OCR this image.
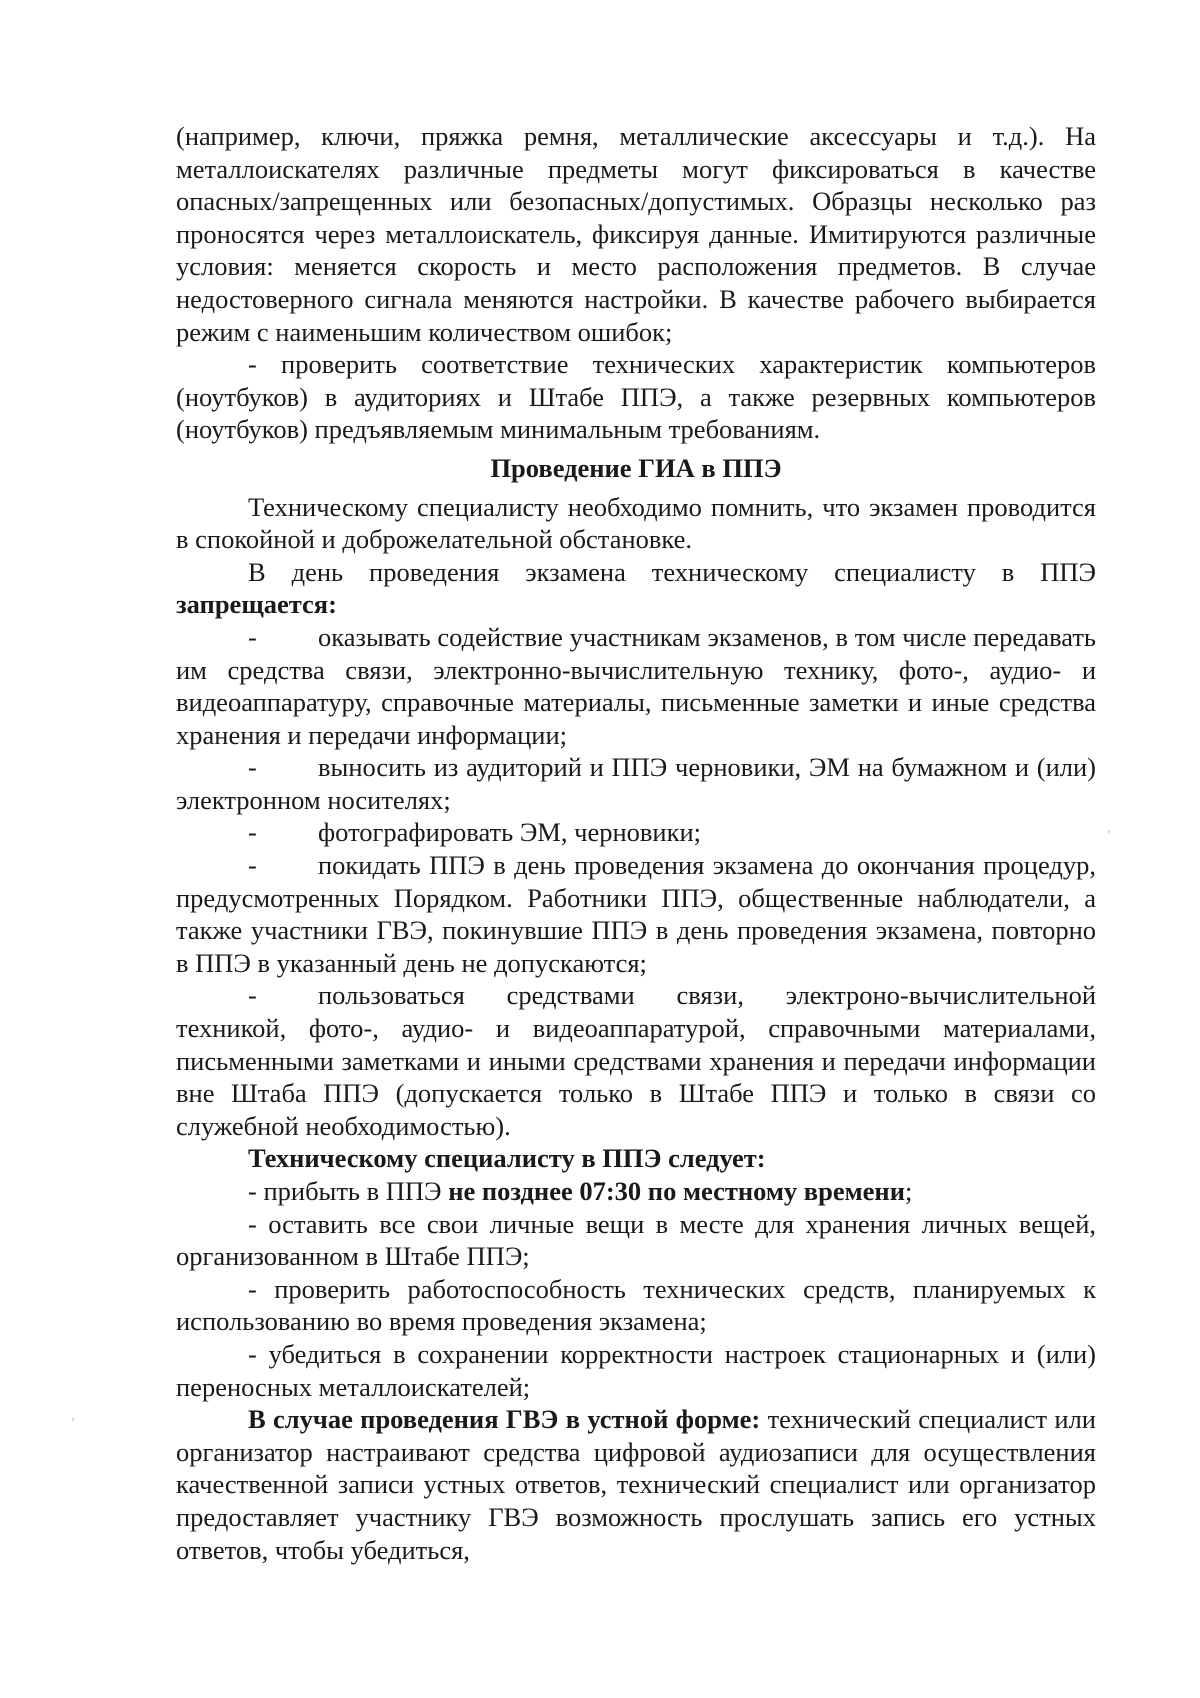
(например, ключи, пряжка ремня, металлические аксессуары и т.д.). На металлоискателях различные предметы могут фиксироваться в качестве опасных/запрещенных или безопасных/допустимых. Образцы несколько раз проносятся через металлоискатель, фиксируя данные. Имитируются различные условия: меняется скорость и место расположения предметов. В случае недостоверного сигнала меняются настройки. В качестве рабочего выбирается режим с наименьшим количеством ошибок;

- проверить соответствие технических характеристик компьютеров (ноутбуков) в аудиториях и Штабе ППЭ, а также резервных компьютеров (ноутбуков) предъявляемым минимальным требованиям.

Проведение ГИА в ППЭ

Техническому специалисту необходимо помнить, что экзамен проводится в спокойной и доброжелательной обстановке.

В день проведения экзамена техническому специалисту в ППЭ запрещается:

- оказывать содействие участникам экзаменов, в том числе передавать им средства связи, электронно-вычислительную технику, фото-, аудио- и видеоаппаратуру, справочные материалы, письменные заметки и иные средства хранения и передачи информации;

- выносить из аудиторий и ППЭ черновики, ЭМ на бумажном и (или) электронном носителях;

- фотографировать ЭМ, черновики;

- покидать ППЭ в день проведения экзамена до окончания процедур, предусмотренных Порядком. Работники ППЭ, общественные наблюдатели, а также участники ГВЭ, покинувшие ППЭ в день проведения экзамена, повторно в ППЭ в указанный день не допускаются;

- пользоваться средствами связи, электроно-вычислительной техникой, фото-, аудио- и видеоаппаратурой, справочными материалами, письменными заметками и иными средствами хранения и передачи информации вне Штаба ППЭ (допускается только в Штабе ППЭ и только в связи со служебной необходимостью).

Техническому специалисту в ППЭ следует:

- прибыть в ППЭ не позднее 07:30 по местному времени;

- оставить все свои личные вещи в месте для хранения личных вещей, организованном в Штабе ППЭ;

- проверить работоспособность технических средств, планируемых к использованию во время проведения экзамена;

- убедиться в сохранении корректности настроек стационарных и (или) переносных металлоискателей;

В случае проведения ГВЭ в устной форме: технический специалист или организатор настраивают средства цифровой аудиозаписи для осуществления качественной записи устных ответов, технический специалист или организатор предоставляет участнику ГВЭ возможность прослушать запись его устных ответов, чтобы убедиться,
